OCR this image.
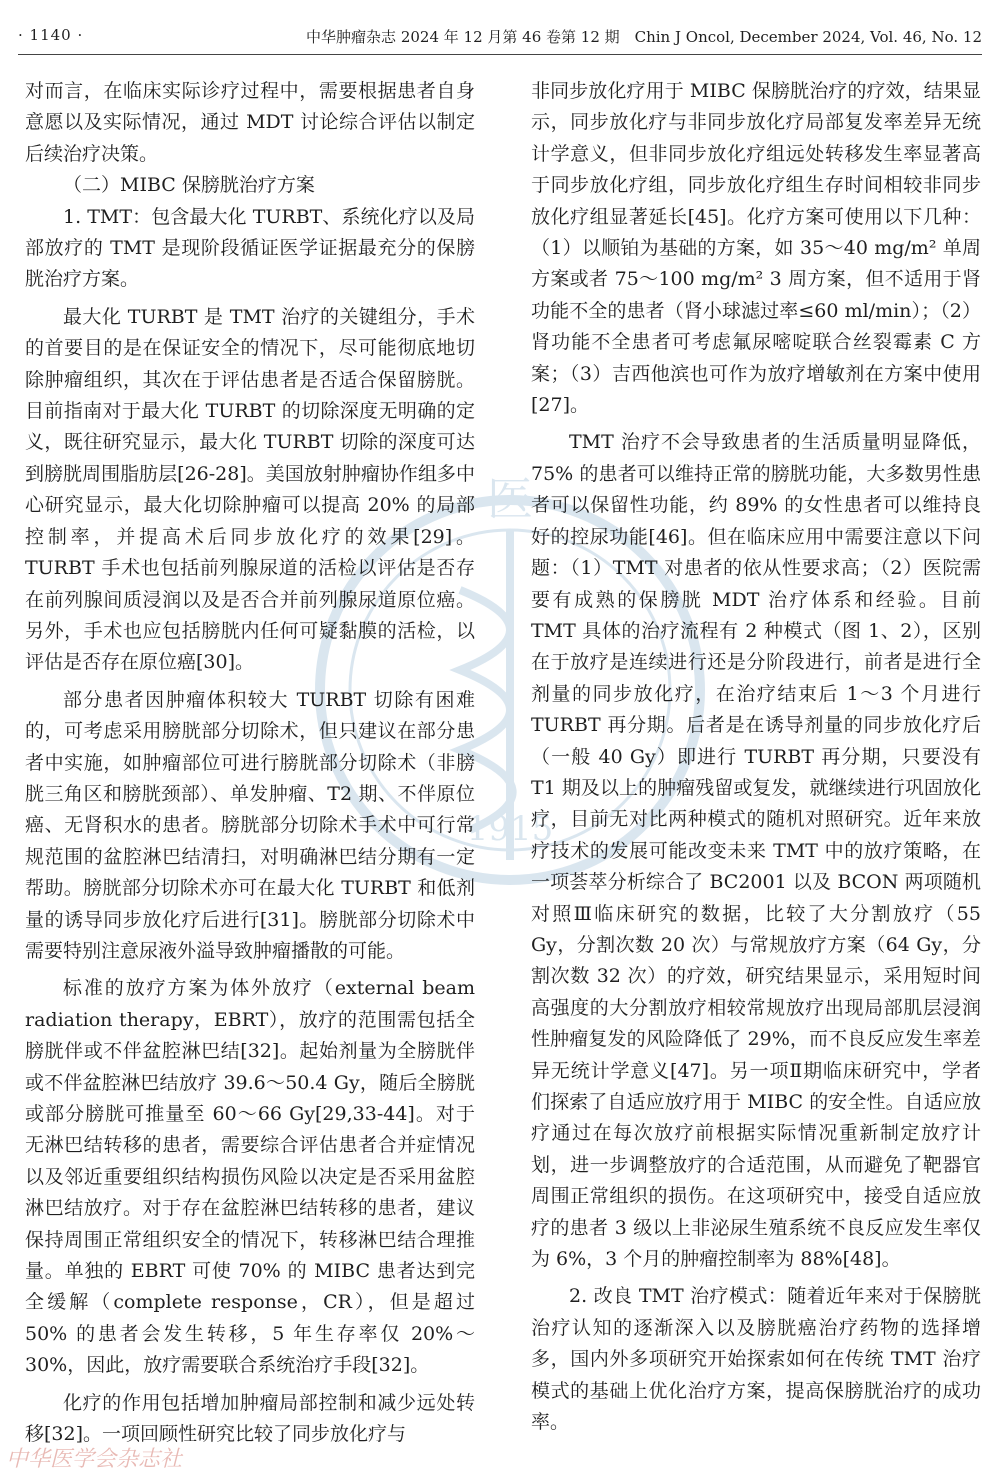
· 1140 ·	中华肿瘤杂志 2024 年 12 月第 46 卷第 12 期　Chin J Oncol, December 2024, Vol. 46, No. 12
医
1915

对而言，在临床实际诊疗过程中，需要根据患者自身意愿以及实际情况，通过 MDT 讨论综合评估以制定后续治疗决策。

（二）MIBC 保膀胱治疗方案

1. TMT：包含最大化 TURBT、系统化疗以及局部放疗的 TMT 是现阶段循证医学证据最充分的保膀胱治疗方案。

最大化 TURBT 是 TMT 治疗的关键组分，手术的首要目的是在保证安全的情况下，尽可能彻底地切除肿瘤组织，其次在于评估患者是否适合保留膀胱。目前指南对于最大化 TURBT 的切除深度无明确的定义，既往研究显示，最大化 TURBT 切除的深度可达到膀胱周围脂肪层[26-28]。美国放射肿瘤协作组多中心研究显示，最大化切除肿瘤可以提高 20% 的局部控制率，并提高术后同步放化疗的效果[29]。TURBT 手术也包括前列腺尿道的活检以评估是否存在前列腺间质浸润以及是否合并前列腺尿道原位癌。另外，手术也应包括膀胱内任何可疑黏膜的活检，以评估是否存在原位癌[30]。

部分患者因肿瘤体积较大 TURBT 切除有困难的，可考虑采用膀胱部分切除术，但只建议在部分患者中实施，如肿瘤部位可进行膀胱部分切除术（非膀胱三角区和膀胱颈部）、单发肿瘤、T2 期、不伴原位癌、无肾积水的患者。膀胱部分切除术手术中可行常规范围的盆腔淋巴结清扫，对明确淋巴结分期有一定帮助。膀胱部分切除术亦可在最大化 TURBT 和低剂量的诱导同步放化疗后进行[31]。膀胱部分切除术中需要特别注意尿液外溢导致肿瘤播散的可能。

标准的放疗方案为体外放疗（external beam radiation therapy，EBRT），放疗的范围需包括全膀胱伴或不伴盆腔淋巴结[32]。起始剂量为全膀胱伴或不伴盆腔淋巴结放疗 39.6～50.4 Gy，随后全膀胱或部分膀胱可推量至 60～66 Gy[29,33-44]。对于无淋巴结转移的患者，需要综合评估患者合并症情况以及邻近重要组织结构损伤风险以决定是否采用盆腔淋巴结放疗。对于存在盆腔淋巴结转移的患者，建议保持周围正常组织安全的情况下，转移淋巴结合理推量。单独的 EBRT 可使 70% 的 MIBC 患者达到完全缓解（complete response，CR），但是超过 50% 的患者会发生转移，5 年生存率仅 20%～30%，因此，放疗需要联合系统治疗手段[32]。

化疗的作用包括增加肿瘤局部控制和减少远处转移[32]。一项回顾性研究比较了同步放化疗与

非同步放化疗用于 MIBC 保膀胱治疗的疗效，结果显示，同步放化疗与非同步放化疗局部复发率差异无统计学意义，但非同步放化疗组远处转移发生率显著高于同步放化疗组，同步放化疗组生存时间相较非同步放化疗组显著延长[45]。化疗方案可使用以下几种：（1）以顺铂为基础的方案，如 35～40 mg/m² 单周方案或者 75～100 mg/m² 3 周方案，但不适用于肾功能不全的患者（肾小球滤过率≤60 ml/min）；（2）肾功能不全患者可考虑氟尿嘧啶联合丝裂霉素 C 方案；（3）吉西他滨也可作为放疗增敏剂在方案中使用[27]。

TMT 治疗不会导致患者的生活质量明显降低，75% 的患者可以维持正常的膀胱功能，大多数男性患者可以保留性功能，约 89% 的女性患者可以维持良好的控尿功能[46]。但在临床应用中需要注意以下问题：（1）TMT 对患者的依从性要求高；（2）医院需要有成熟的保膀胱 MDT 治疗体系和经验。目前 TMT 具体的治疗流程有 2 种模式（图 1、2），区别在于放疗是连续进行还是分阶段进行，前者是进行全剂量的同步放化疗，在治疗结束后 1～3 个月进行 TURBT 再分期。后者是在诱导剂量的同步放化疗后（一般 40 Gy）即进行 TURBT 再分期，只要没有 T1 期及以上的肿瘤残留或复发，就继续进行巩固放化疗，目前无对比两种模式的随机对照研究。近年来放疗技术的发展可能改变未来 TMT 中的放疗策略，在一项荟萃分析综合了 BC2001 以及 BCON 两项随机对照Ⅲ临床研究的数据，比较了大分割放疗（55 Gy，分割次数 20 次）与常规放疗方案（64 Gy，分割次数 32 次）的疗效，研究结果显示，采用短时间高强度的大分割放疗相较常规放疗出现局部肌层浸润性肿瘤复发的风险降低了 29%，而不良反应发生率差异无统计学意义[47]。另一项Ⅱ期临床研究中，学者们探索了自适应放疗用于 MIBC 的安全性。自适应放疗通过在每次放疗前根据实际情况重新制定放疗计划，进一步调整放疗的合适范围，从而避免了靶器官周围正常组织的损伤。在这项研究中，接受自适应放疗的患者 3 级以上非泌尿生殖系统不良反应发生率仅为 6%，3 个月的肿瘤控制率为 88%[48]。

2. 改良 TMT 治疗模式：随着近年来对于保膀胱治疗认知的逐渐深入以及膀胱癌治疗药物的选择增多，国内外多项研究开始探索如何在传统 TMT 治疗模式的基础上优化治疗方案，提高保膀胱治疗的成功率。

中华医学会杂志社
